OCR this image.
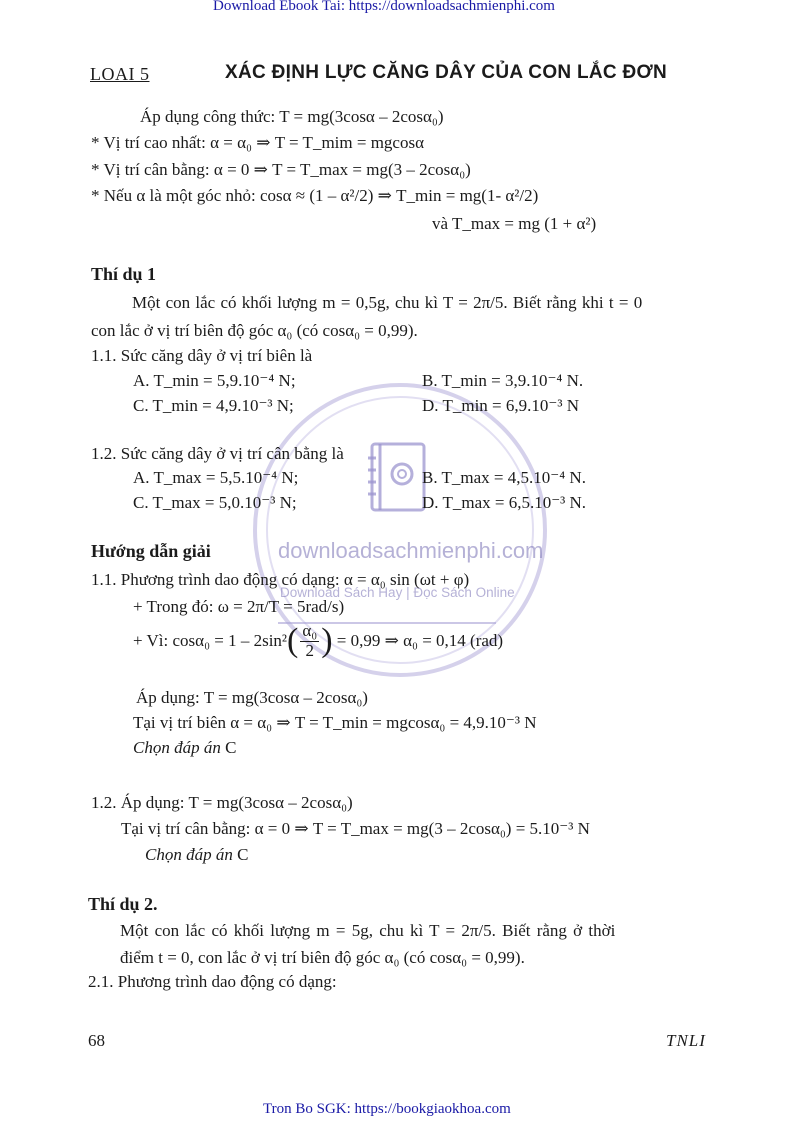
downloadsachmienphi.com
Download Sách Hay | Đọc Sách Online
Download Ebook Tai: https://downloadsachmienphi.com
Tron Bo SGK: https://bookgiaokhoa.com
LOAI 5	XÁC ĐỊNH LỰC CĂNG DÂY CỦA CON LẮC ĐƠN
Áp dụng công thức: T = mg(3cosα – 2cosα₀)
* Vị trí cao nhất: α = α₀ ⇒ T = T_mim = mgcosα
* Vị trí cân bằng: α = 0 ⇒ T = T_max = mg(3 – 2cosα₀)
* Nếu α là một góc nhỏ: cosα ≈ (1 – α²/2) ⇒ T_min = mg(1- α²/2)
và T_max = mg (1 + α²)
Thí dụ 1
Một con lắc có khối lượng m = 0,5g, chu kì T = 2π/5. Biết rằng khi t = 0
con lắc ở vị trí biên độ góc α₀ (có cosα₀ = 0,99).
1.1. Sức căng dây ở vị trí biên là
A. T_min = 5,9.10⁻⁴ N;	B. T_min = 3,9.10⁻⁴ N.
C. T_min = 4,9.10⁻³ N;	D. T_min = 6,9.10⁻³ N
1.2. Sức căng dây ở vị trí cân bằng là
A. T_max = 5,5.10⁻⁴ N;	B. T_max = 4,5.10⁻⁴ N.
C. T_max = 5,0.10⁻³ N;	D. T_max = 6,5.10⁻³ N.
Hướng dẫn giải
1.1. Phương trình dao động có dạng: α = α₀ sin (ωt + φ)
+ Trong đó: ω = 2π/T = 5rad/s)
+ Vì: $\cos\alpha_0 = 1 - 2\sin^2( \frac{\text{α₀}}{2}$ ) = 0,99 ⇒ α₀ = 0,14 (rad)
Áp dụng: T = mg(3cosα – 2cosα₀)
Tại vị trí biên α = α₀ ⇒ T = T_min = mgcosα₀ = 4,9.10⁻³ N
Chọn đáp án C
1.2. Áp dụng: T = mg(3cosα – 2cosα₀)
Tại vị trí cân bằng: α = 0 ⇒ T = T_max = mg(3 – 2cosα₀) = 5.10⁻³ N
Chọn đáp án C
Thí dụ 2.
Một con lắc có khối lượng m = 5g, chu kì T = 2π/5. Biết rằng ở thời
điểm t = 0, con lắc ở vị trí biên độ góc α₀ (có cosα₀ = 0,99).
2.1. Phương trình dao động có dạng:
68	TNLI
